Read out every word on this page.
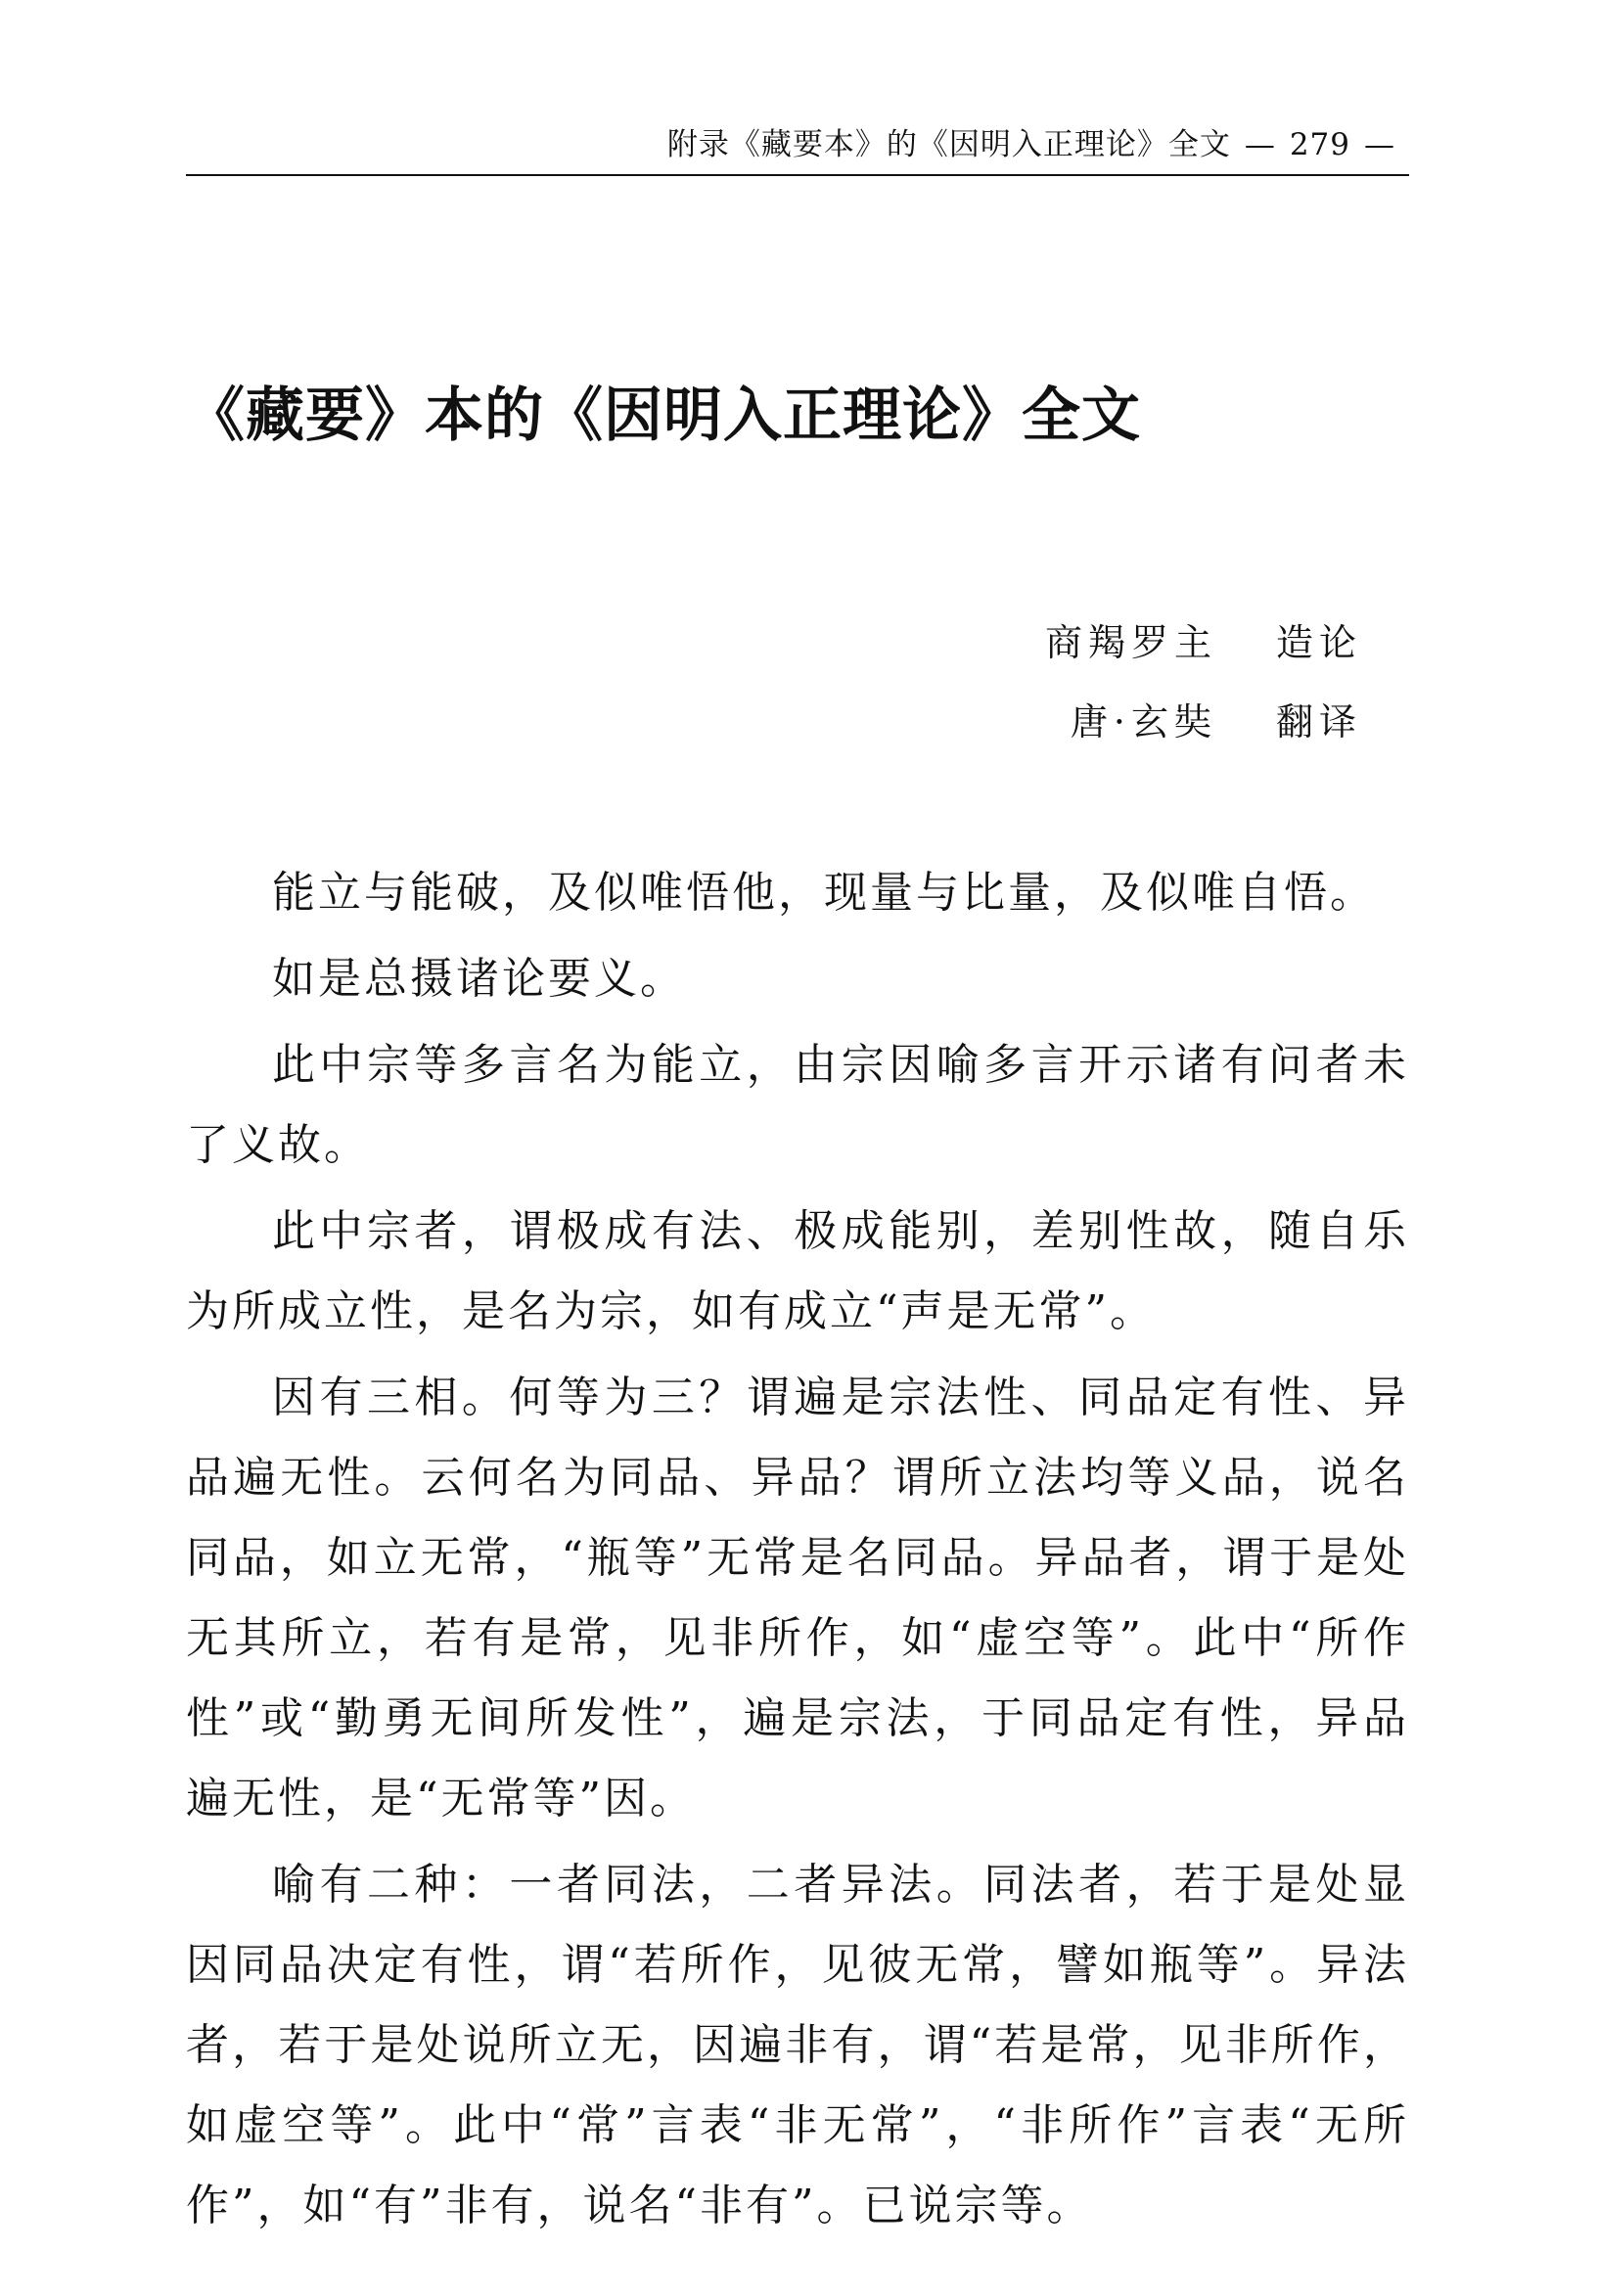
附录《藏要本》的《因明入正理论》全文 — 279 —
《藏要》本的《因明入正理论》全文
商羯罗主 造论
唐·玄奘 翻译

能立与能破，及似唯悟他，现量与比量，及似唯自悟。

如是总摄诸论要义。

此中宗等多言名为能立，由宗因喻多言开示诸有问者未了义故。

此中宗者，谓极成有法、极成能别，差别性故，随自乐为所成立性，是名为宗，如有成立“声是无常”。

因有三相。何等为三？谓遍是宗法性、同品定有性、异品遍无性。云何名为同品、异品？谓所立法均等义品，说名同品，如立无常，“瓶等”无常是名同品。异品者，谓于是处无其所立，若有是常，见非所作，如“虚空等”。此中“所作性”或“勤勇无间所发性”，遍是宗法，于同品定有性，异品遍无性，是“无常等”因。

喻有二种：一者同法，二者异法。同法者，若于是处显因同品决定有性，谓“若所作，见彼无常，譬如瓶等”。异法者，若于是处说所立无，因遍非有，谓“若是常，见非所作，如虚空等”。此中“常”言表“非无常”，“非所作”言表“无所作”，如“有”非有，说名“非有”。已说宗等。
